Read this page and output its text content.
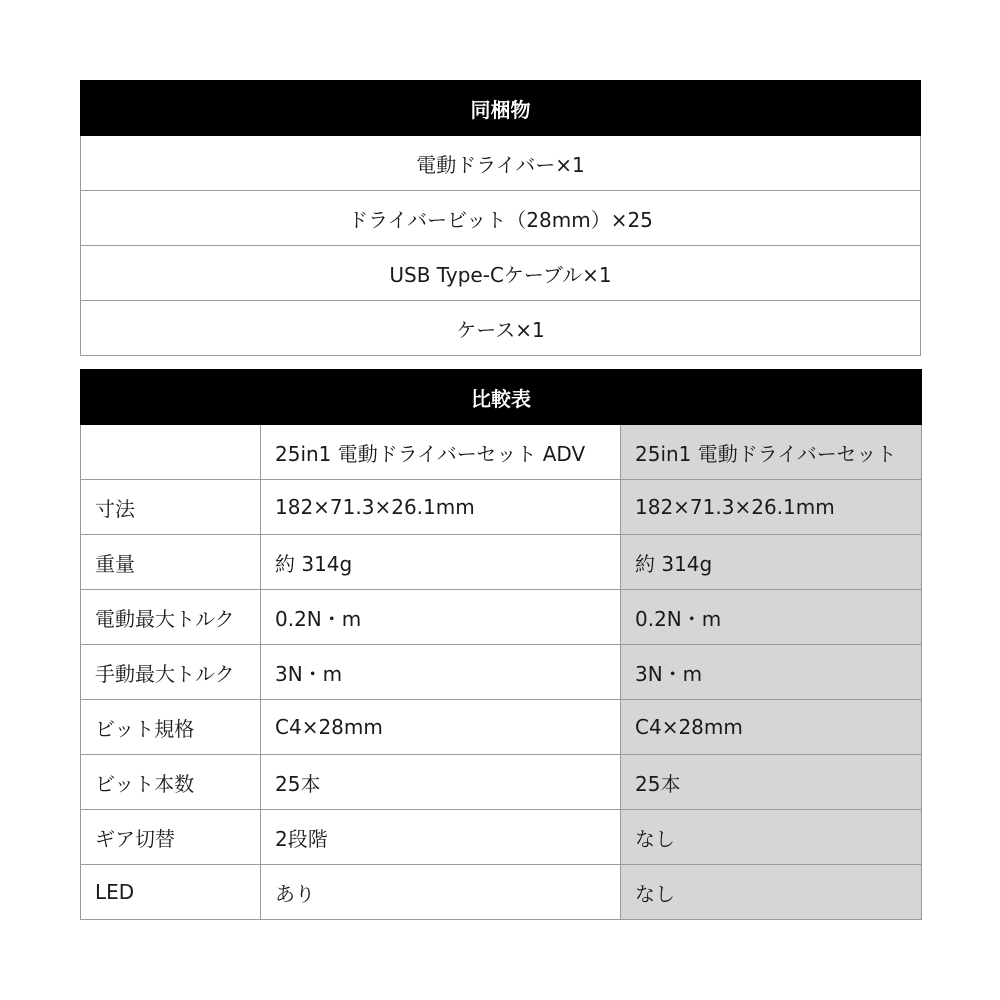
同梱物
電動ドライバー×1
ドライバービット（28mm）×25
USB Type-Cケーブル×1
ケース×1
比較表		
	25in1 電動ドライバーセット ADV	25in1 電動ドライバーセット
寸法	182×71.3×26.1mm	182×71.3×26.1mm
重量	約 314g	約 314g
電動最大トルク	0.2N・m	0.2N・m
手動最大トルク	3N・m	3N・m
ビット規格	C4×28mm	C4×28mm
ビット本数	25本	25本
ギア切替	2段階	なし
LED	あり	なし
